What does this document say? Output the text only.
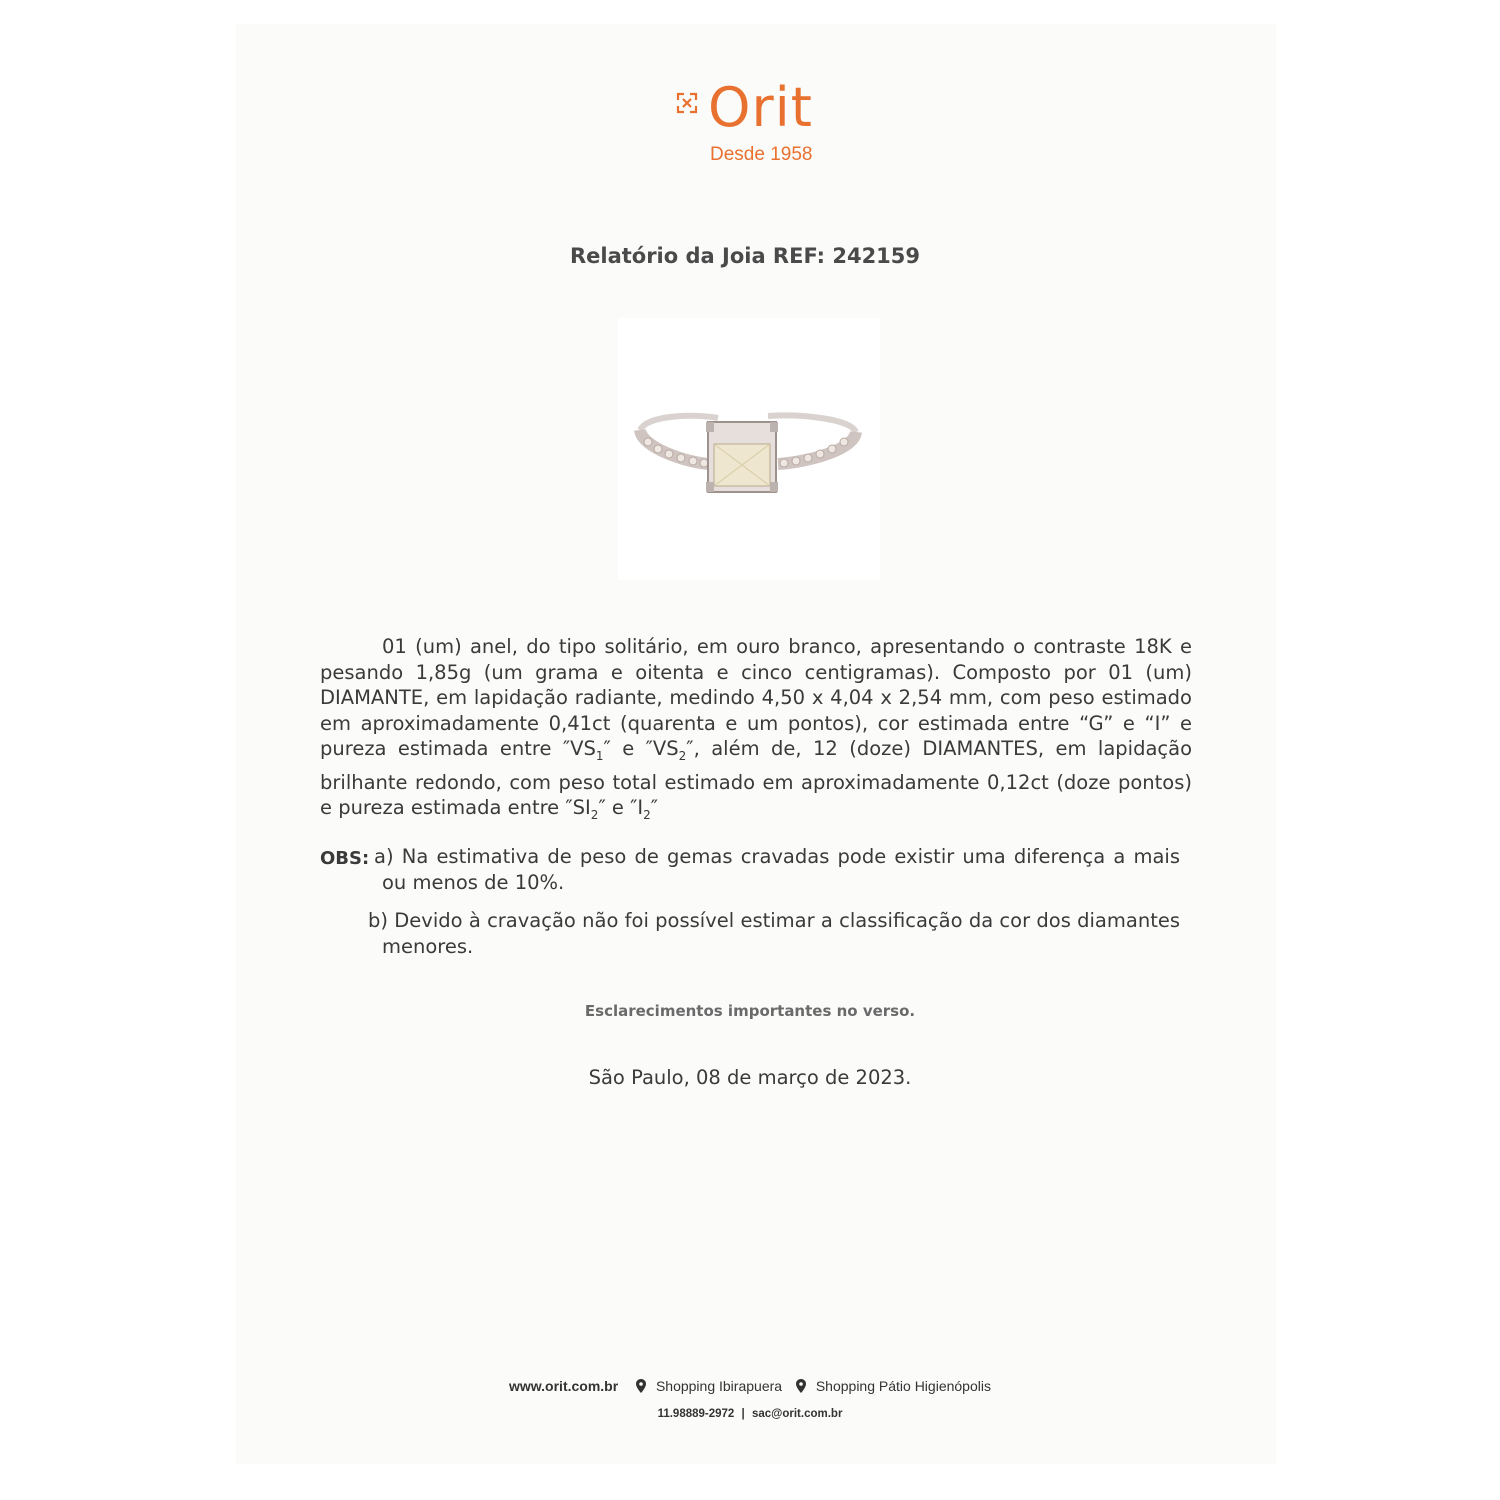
Orit
Desde 1958
Relatório da Joia REF: 242159

01 (um) anel, do tipo solitário, em ouro branco, apresentando o contraste 18K e pesando 1,85g (um grama e oitenta e cinco centigramas). Composto por 01 (um) DIAMANTE, em lapidação radiante, medindo 4,50 x 4,04 x 2,54 mm, com peso estimado em aproximadamente 0,41ct (quarenta e um pontos), cor estimada entre “G” e “I” e pureza estimada entre $''VS_1''$ e $''VS_2''$, além de, 12 (doze) DIAMANTES, em lapidação brilhante redondo, com peso total estimado em aproximadamente 0,12ct (doze pontos) e pureza estimada entre $''SI_2''$ e $''I_2''$

OBS: a) Na estimativa de peso de gemas cravadas pode existir uma diferença a mais ou menos de 10%.

b) Devido à cravação não foi possível estimar a classificação da cor dos diamantes menores.

Esclarecimentos importantes no verso.
São Paulo, 08 de março de 2023.
www.orit.com.br	Shopping Ibirapuera Shopping Pátio Higienópolis
11.98889-2972 | sac@orit.com.br
